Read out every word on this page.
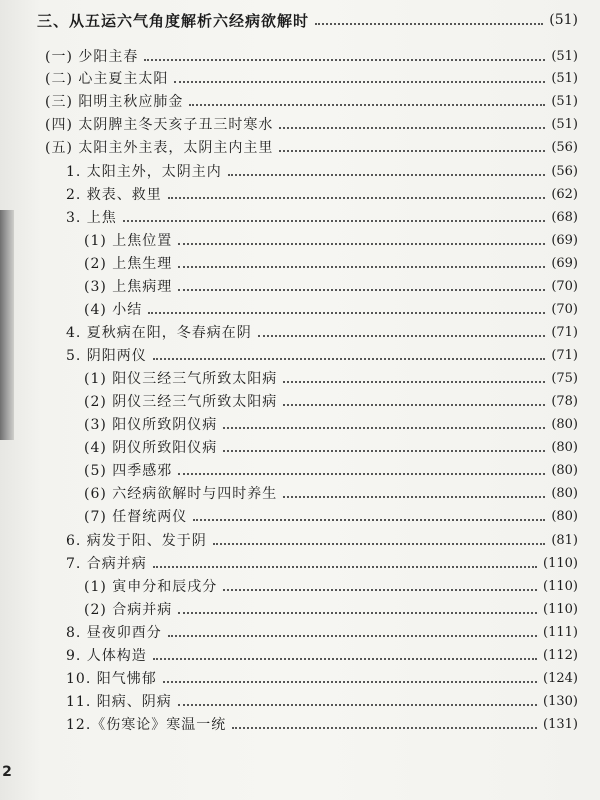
三、从五运六气角度解析六经病欲解时	(51)
(一) 少阳主春	(51)
(二) 心主夏主太阳	(51)
(三) 阳明主秋应肺金	(51)
(四) 太阴脾主冬天亥子丑三时寒水	(51)
(五) 太阳主外主表，太阴主内主里	(56)
1. 太阳主外，太阴主内	(56)
2. 救表、救里	(62)
3. 上焦	(68)
(1) 上焦位置	(69)
(2) 上焦生理	(69)
(3) 上焦病理	(70)
(4) 小结	(70)
4. 夏秋病在阳，冬春病在阴	(71)
5. 阴阳两仪	(71)
(1) 阳仪三经三气所致太阳病	(75)
(2) 阴仪三经三气所致太阳病	(78)
(3) 阳仪所致阴仪病	(80)
(4) 阴仪所致阳仪病	(80)
(5) 四季感邪	(80)
(6) 六经病欲解时与四时养生	(80)
(7) 任督统两仪	(80)
6. 病发于阳、发于阴	(81)
7. 合病并病	(110)
(1) 寅申分和辰戌分	(110)
(2) 合病并病	(110)
8. 昼夜卯酉分	(111)
9. 人体构造	(112)
10. 阳气怫郁	(124)
11. 阳病、阴病	(130)
12.《伤寒论》寒温一统	(131)
2
